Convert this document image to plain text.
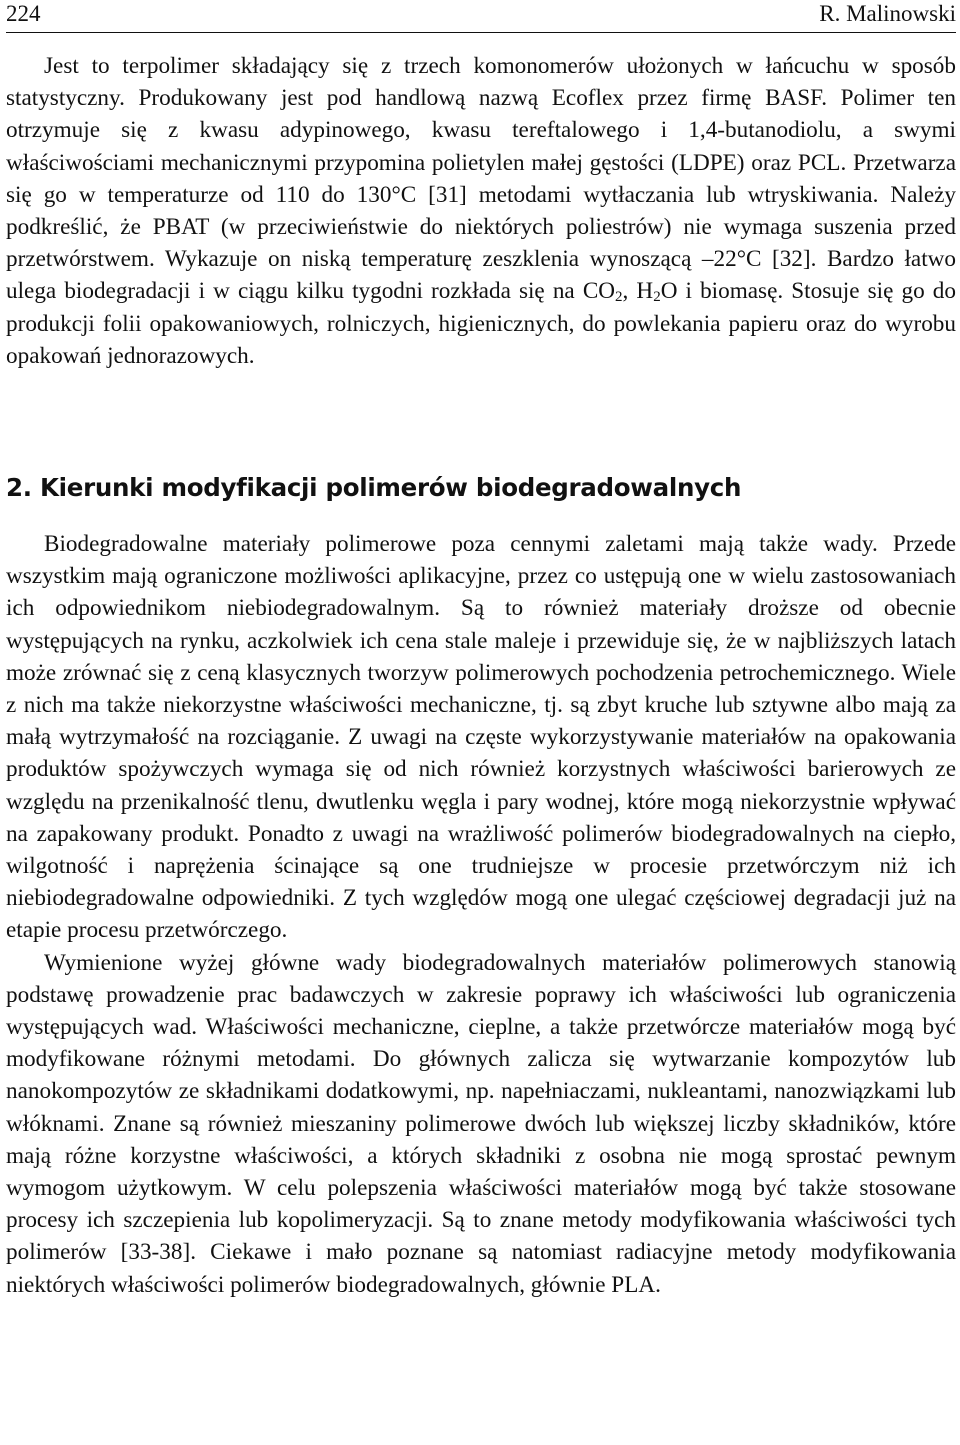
224	R. Malinowski

Jest to terpolimer składający się z trzech komonomerów ułożonych w łańcuchu w sposób statystyczny. Produkowany jest pod handlową nazwą Ecoflex przez firmę BASF. Polimer ten otrzymuje się z kwasu adypinowego, kwasu tereftalowego i 1,4-butanodiolu, a swymi właściwościami mechanicznymi przypomina polietylen małej gęstości (LDPE) oraz PCL. Przetwarza się go w temperaturze od 110 do 130°C [31] metodami wytłaczania lub wtryskiwania. Należy podkreślić, że PBAT (w przeciwieństwie do niektórych poliestrów) nie wymaga suszenia przed przetwórstwem. Wykazuje on niską temperaturę zeszklenia wynoszącą –22°C [32]. Bardzo łatwo ulega biodegradacji i w ciągu kilku tygodni rozkłada się na $CO_2$, $H_2O$ i biomasę. Stosuje się go do produkcji folii opakowaniowych, rolniczych, higienicznych, do powlekania papieru oraz do wyrobu opakowań jednorazowych.

2. Kierunki modyfikacji polimerów biodegradowalnych

Biodegradowalne materiały polimerowe poza cennymi zaletami mają także wady. Przede wszystkim mają ograniczone możliwości aplikacyjne, przez co ustępują one w wielu zastosowaniach ich odpowiednikom niebiodegradowalnym. Są to również materiały droższe od obecnie występujących na rynku, aczkolwiek ich cena stale maleje i przewiduje się, że w najbliższych latach może zrównać się z ceną klasycznych tworzyw polimerowych pochodzenia petrochemicznego. Wiele z nich ma także niekorzystne właściwości mechaniczne, tj. są zbyt kruche lub sztywne albo mają za małą wytrzymałość na rozciąganie. Z uwagi na częste wykorzystywanie materiałów na opakowania produktów spożywczych wymaga się od nich również korzystnych właściwości barierowych ze względu na przenikalność tlenu, dwutlenku węgla i pary wodnej, które mogą niekorzystnie wpływać na zapakowany produkt. Ponadto z uwagi na wrażliwość polimerów biodegradowalnych na ciepło, wilgotność i naprężenia ścinające są one trudniejsze w procesie przetwórczym niż ich niebiodegradowalne odpowiedniki. Z tych względów mogą one ulegać częściowej degradacji już na etapie procesu przetwórczego.

Wymienione wyżej główne wady biodegradowalnych materiałów polimerowych stanowią podstawę prowadzenie prac badawczych w zakresie poprawy ich właściwości lub ograniczenia występujących wad. Właściwości mechaniczne, cieplne, a także przetwórcze materiałów mogą być modyfikowane różnymi metodami. Do głównych zalicza się wytwarzanie kompozytów lub nanokompozytów ze składnikami dodatkowymi, np. napełniaczami, nukleantami, nanozwiązkami lub włóknami. Znane są również mieszaniny polimerowe dwóch lub większej liczby składników, które mają różne korzystne właściwości, a których składniki z osobna nie mogą sprostać pewnym wymogom użytkowym. W celu polepszenia właściwości materiałów mogą być także stosowane procesy ich szczepienia lub kopolimeryzacji. Są to znane metody modyfikowania właściwości tych polimerów [33-38]. Ciekawe i mało poznane są natomiast radiacyjne metody modyfikowania niektórych właściwości polimerów biodegradowalnych, głównie PLA.
